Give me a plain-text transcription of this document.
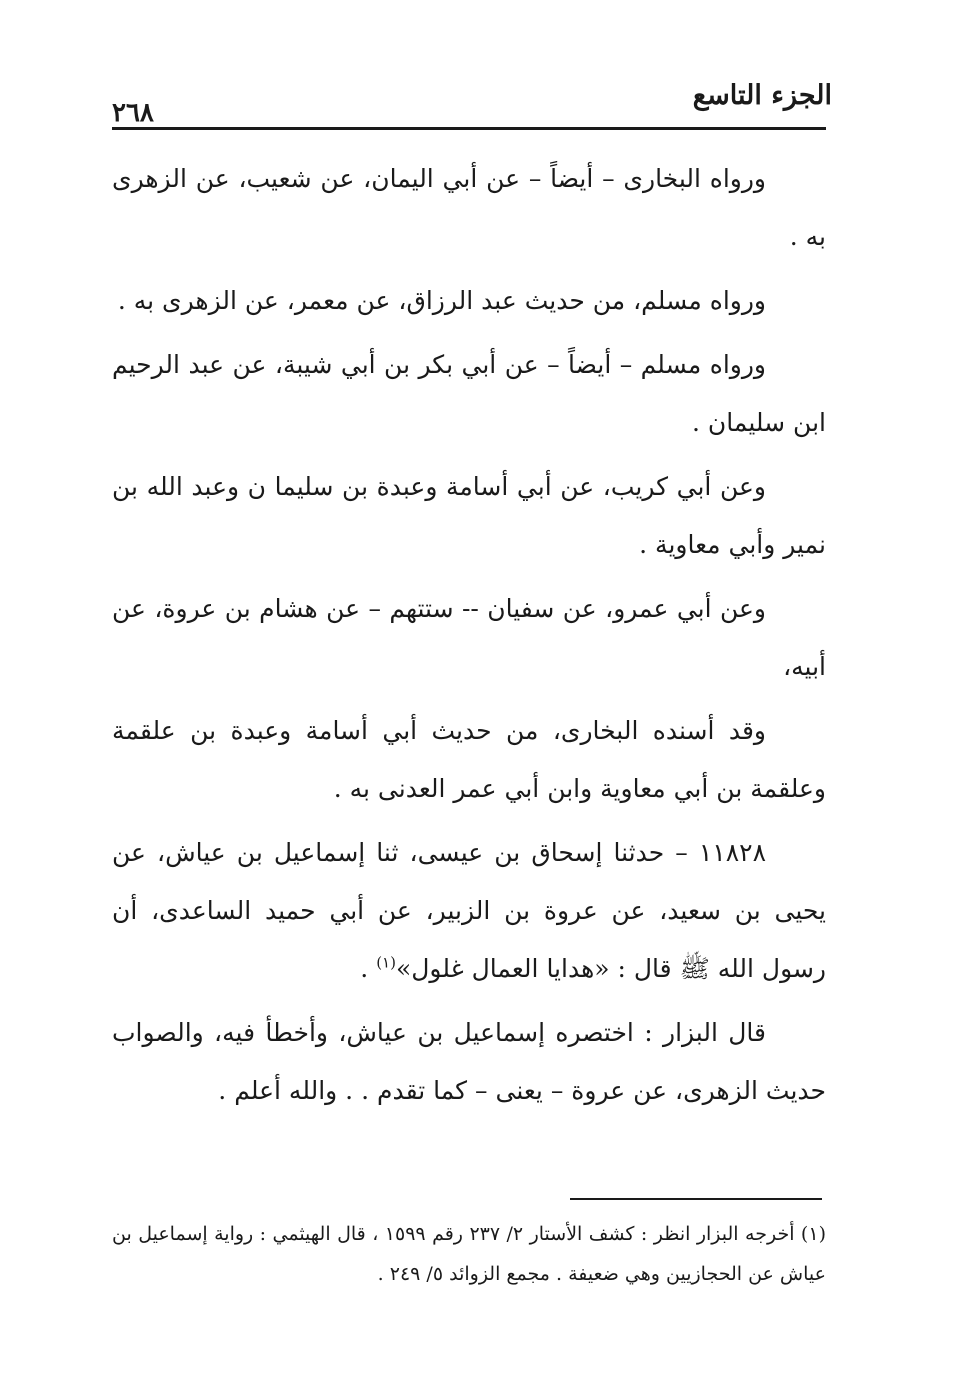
الجزء التاسع
٢٦٨

ورواه البخارى – أيضاً – عن أبي اليمان، عن شعيب، عن الزهرى به .

ورواه مسلم، من حديث عبد الرزاق، عن معمر، عن الزهرى به .

ورواه مسلم – أيضاً – عن أبي بكر بن أبي شيبة، عن عبد الرحيم ابن سليمان .

وعن أبي كريب، عن أبي أسامة وعبدة بن سليما ن وعبد الله بن نمير وأبي معاوية .

وعن أبي عمرو، عن سفيان -- ستتهم – عن هشام بن عروة، عن أبيه،

وقد أسنده البخارى، من حديث أبي أسامة وعبدة بن علقمة وعلقمة بن أبي معاوية وابن أبي عمر العدنى به .

١١٨٢٨ – حدثنا إسحاق بن عيسى، ثنا إسماعيل بن عياش، عن يحيى بن سعيد، عن عروة بن الزبير، عن أبي حميد الساعدى، أن رسول الله ﷺ قال : «هدايا العمال غلول»$^{(١)}$ .

قال البزار : اختصره إسماعيل بن عياش، وأخطأ فيه، والصواب حديث الزهرى، عن عروة – يعنى – كما تقدم . . والله أعلم .

(١) أخرجه البزار انظر : كشف الأستار ٢/ ٢٣٧ رقم ١٥٩٩ ، قال الهيثمي : رواية إسماعيل بن عياش عن الحجازيين وهي ضعيفة . مجمع الزوائد ٥/ ٢٤٩ .
